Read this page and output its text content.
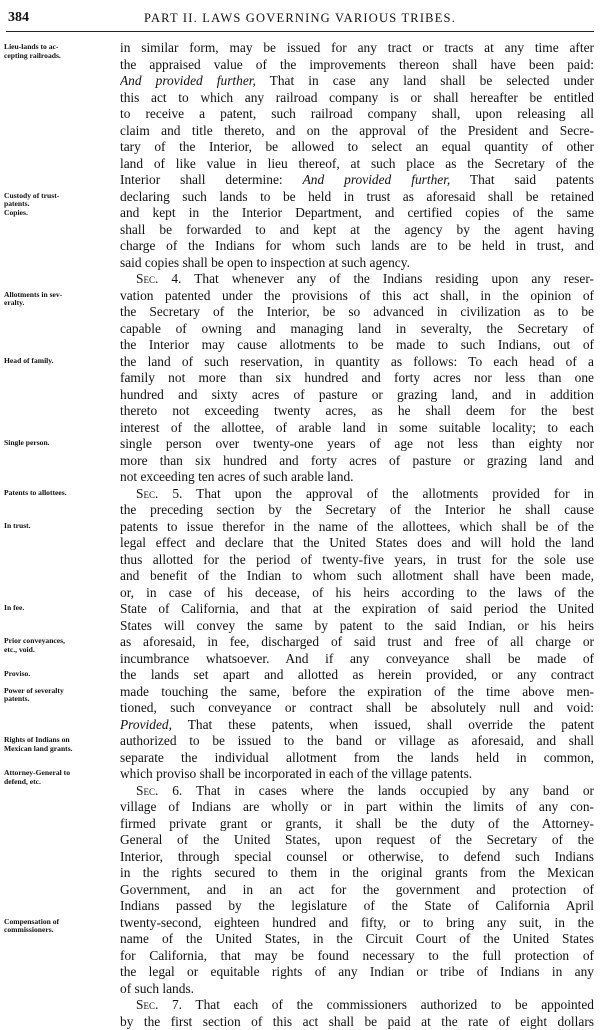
384	PART II. LAWS GOVERNING VARIOUS TRIBES.
Lieu-lands to ac-
cepting railroads.
Custody of trust-
patents.
Copies.
Allotments in sev-
eralty.
Head of family.
Single person.
Patents to allottees.
In trust.
In fee.
Prior conveyances,
etc., void.
Proviso.
Power of severalty
patents.
Rights of Indians on
Mexican land grants.
Attorney-General to
defend, etc.
Compensation of
commissioners.
in similar form, may be issued for any tract or tracts at any time after
the appraised value of the improvements thereon shall have been paid:
And provided further, That in case any land shall be selected under
this act to which any railroad company is or shall hereafter be entitled
to receive a patent, such railroad company shall, upon releasing all
claim and title thereto, and on the approval of the President and Secre-
tary of the Interior, be allowed to select an equal quantity of other
land of like value in lieu thereof, at such place as the Secretary of the
Interior shall determine: And provided further, That said patents
declaring such lands to be held in trust as aforesaid shall be retained
and kept in the Interior Department, and certified copies of the same
shall be forwarded to and kept at the agency by the agent having
charge of the Indians for whom such lands are to be held in trust, and
said copies shall be open to inspection at such agency.
Sec. 4. That whenever any of the Indians residing upon any reser-
vation patented under the provisions of this act shall, in the opinion of
the Secretary of the Interior, be so advanced in civilization as to be
capable of owning and managing land in severalty, the Secretary of
the Interior may cause allotments to be made to such Indians, out of
the land of such reservation, in quantity as follows: To each head of a
family not more than six hundred and forty acres nor less than one
hundred and sixty acres of pasture or grazing land, and in addition
thereto not exceeding twenty acres, as he shall deem for the best
interest of the allottee, of arable land in some suitable locality; to each
single person over twenty-one years of age not less than eighty nor
more than six hundred and forty acres of pasture or grazing land and
not exceeding ten acres of such arable land.
Sec. 5. That upon the approval of the allotments provided for in
the preceding section by the Secretary of the Interior he shall cause
patents to issue therefor in the name of the allottees, which shall be of the
legal effect and declare that the United States does and will hold the land
thus allotted for the period of twenty-five years, in trust for the sole use
and benefit of the Indian to whom such allotment shall have been made,
or, in case of his decease, of his heirs according to the laws of the
State of California, and that at the expiration of said period the United
States will convey the same by patent to the said Indian, or his heirs
as aforesaid, in fee, discharged of said trust and free of all charge or
incumbrance whatsoever. And if any conveyance shall be made of
the lands set apart and allotted as herein provided, or any contract
made touching the same, before the expiration of the time above men-
tioned, such conveyance or contract shall be absolutely null and void:
Provided, That these patents, when issued, shall override the patent
authorized to be issued to the band or village as aforesaid, and shall
separate the individual allotment from the lands held in common,
which proviso shall be incorporated in each of the village patents.
Sec. 6. That in cases where the lands occupied by any band or
village of Indians are wholly or in part within the limits of any con-
firmed private grant or grants, it shall be the duty of the Attorney-
General of the United States, upon request of the Secretary of the
Interior, through special counsel or otherwise, to defend such Indians
in the rights secured to them in the original grants from the Mexican
Government, and in an act for the government and protection of
Indians passed by the legislature of the State of California April
twenty-second, eighteen hundred and fifty, or to bring any suit, in the
name of the United States, in the Circuit Court of the United States
for California, that may be found necessary to the full protection of
the legal or equitable rights of any Indian or tribe of Indians in any
of such lands.
Sec. 7. That each of the commissioners authorized to be appointed
by the first section of this act shall be paid at the rate of eight dollars
